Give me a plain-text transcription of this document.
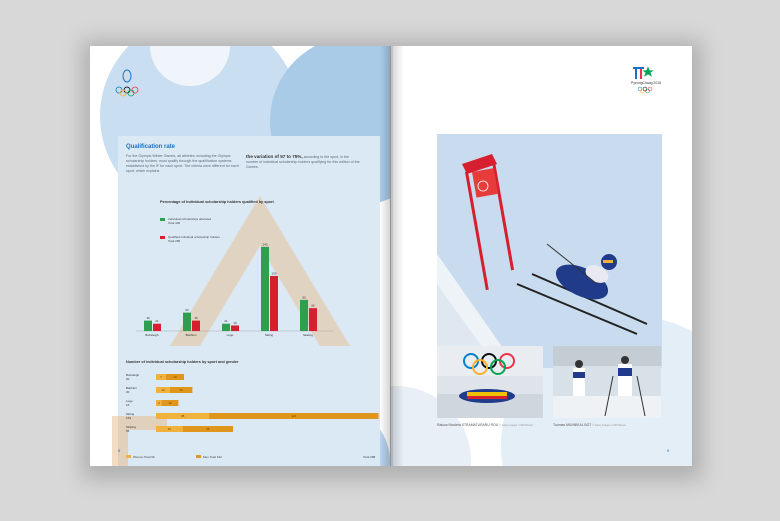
Qualification rate
For the Olympic Winter Games, all athletes, including the Olympic scholarship holders, must qualify through the qualification systems established by the IF for each sport. The criteria were different for each sport, which explains
the variation of 57 to 75%, according to the sport, in the number of individual scholarship holders qualifying for this edition of the Games.
Percentage of individual scholarship holders qualified by sport
Individual scholarships allocated
Total 436
Qualified individual scholarship holders
Total 289
30
21
Bobsleigh
53
30
Biathlon
21 16
Luge
243
159
Skiing
90
66
Skating
Number of individual scholarship holders by sport and gender
Bobsleigh
20	7	13
Biathlon
30	10	16
Luge
16	4	12
Skiing
159	38	121
Skating
55	19	36
Women Total 96	Men Total 192	Total 288
8
PyeongChang 2018
Raluca Nicoleta STRAMATURARU ROU © Getty Images / Cliff Mosser	Tuomas MUNNIKAL BOT © Getty Images / Cliff Mosser
9
